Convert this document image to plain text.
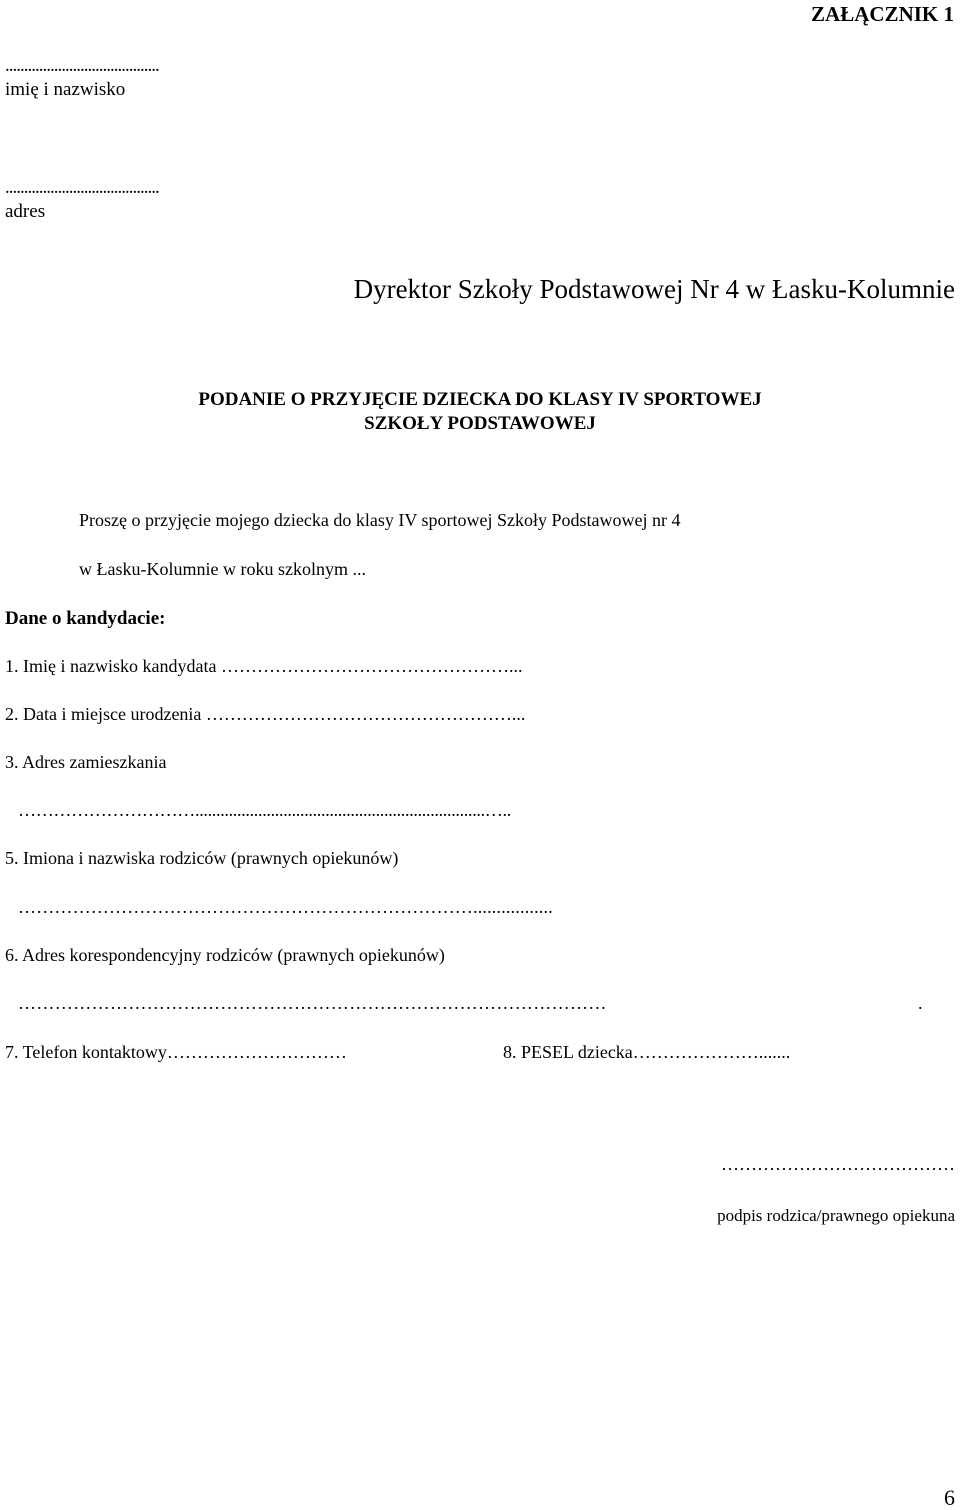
ZAŁĄCZNIK 1
.........................................
imię i nazwisko
.........................................
adres
Dyrektor Szkoły Podstawowej Nr 4 w Łasku-Kolumnie
PODANIE O PRZYJĘCIE DZIECKA DO KLASY IV SPORTOWEJ
SZKOŁY PODSTAWOWEJ
Proszę o przyjęcie mojego dziecka do klasy IV sportowej Szkoły Podstawowej nr 4
w Łasku-Kolumnie w roku szkolnym ...
Dane o kandydacie:
1. Imię i nazwisko kandydata …………………………………………...
2. Data i miejsce urodzenia ……………………………………………...
3. Adres zamieszkania
………………………….....................................................................…..
5. Imiona i nazwiska rodziców (prawnych opiekunów)
………………………………………………………………….................
6. Adres korespondencyjny rodziców (prawnych opiekunów)
……………………………………………………………………………………	.
7. Telefon kontaktowy…………………………	8. PESEL dziecka………………….......
…………………………………
podpis rodzica/prawnego opiekuna
6
